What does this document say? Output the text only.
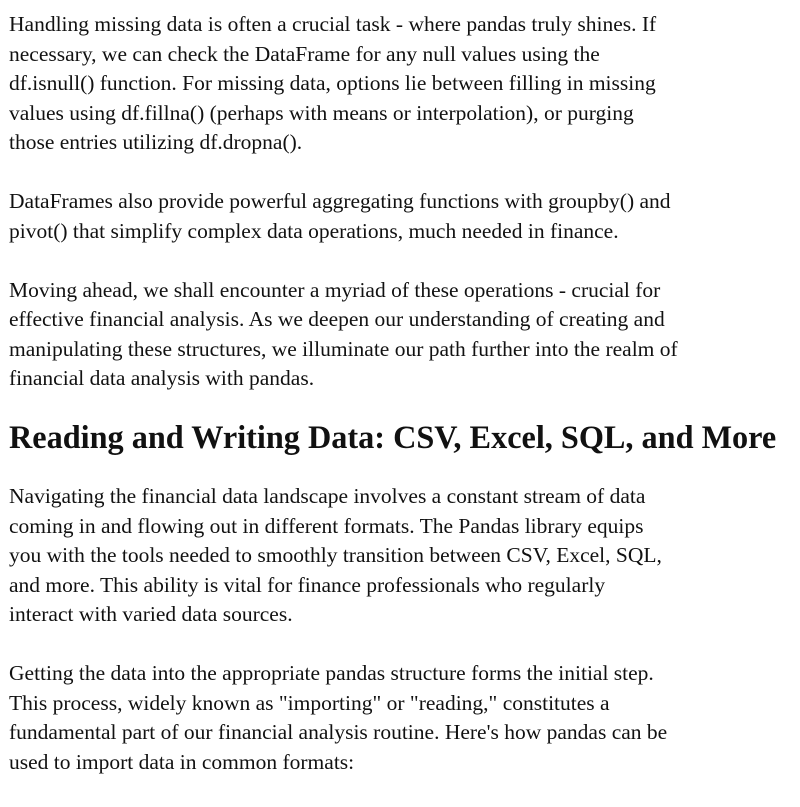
Handling missing data is often a crucial task - where pandas truly shines. If
necessary, we can check the DataFrame for any null values using the
df.isnull() function. For missing data, options lie between filling in missing
values using df.fillna() (perhaps with means or interpolation), or purging
those entries utilizing df.dropna().

DataFrames also provide powerful aggregating functions with groupby() and
pivot() that simplify complex data operations, much needed in finance.

Moving ahead, we shall encounter a myriad of these operations - crucial for
effective financial analysis. As we deepen our understanding of creating and
manipulating these structures, we illuminate our path further into the realm of
financial data analysis with pandas.

Reading and Writing Data: CSV, Excel, SQL, and More

Navigating the financial data landscape involves a constant stream of data
coming in and flowing out in different formats. The Pandas library equips
you with the tools needed to smoothly transition between CSV, Excel, SQL,
and more. This ability is vital for finance professionals who regularly
interact with varied data sources.

Getting the data into the appropriate pandas structure forms the initial step.
This process, widely known as "importing" or "reading," constitutes a
fundamental part of our financial analysis routine. Here's how pandas can be
used to import data in common formats:
